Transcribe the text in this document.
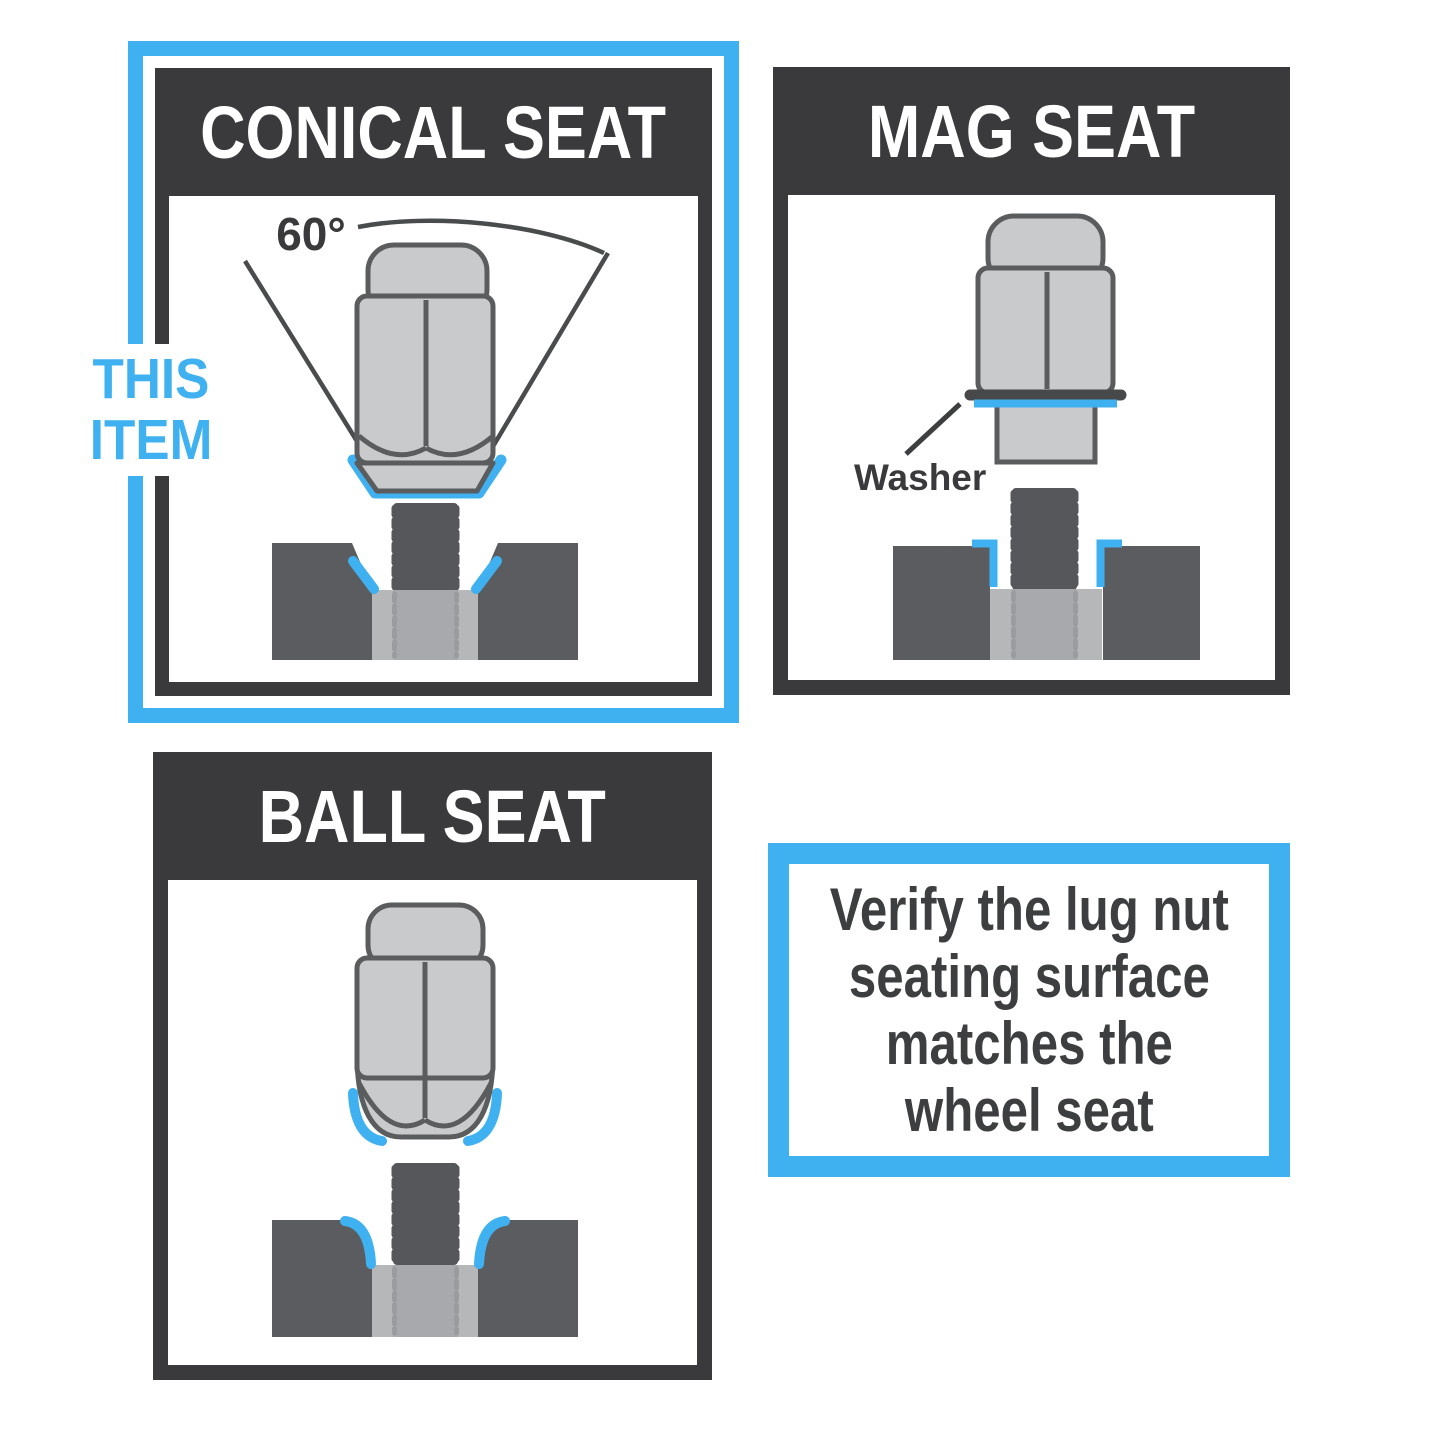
CONICAL SEAT
60°
THIS
ITEM
MAG SEAT
Washer
BALL SEAT
Verify the lug nut
seating surface
matches the
wheel seat
